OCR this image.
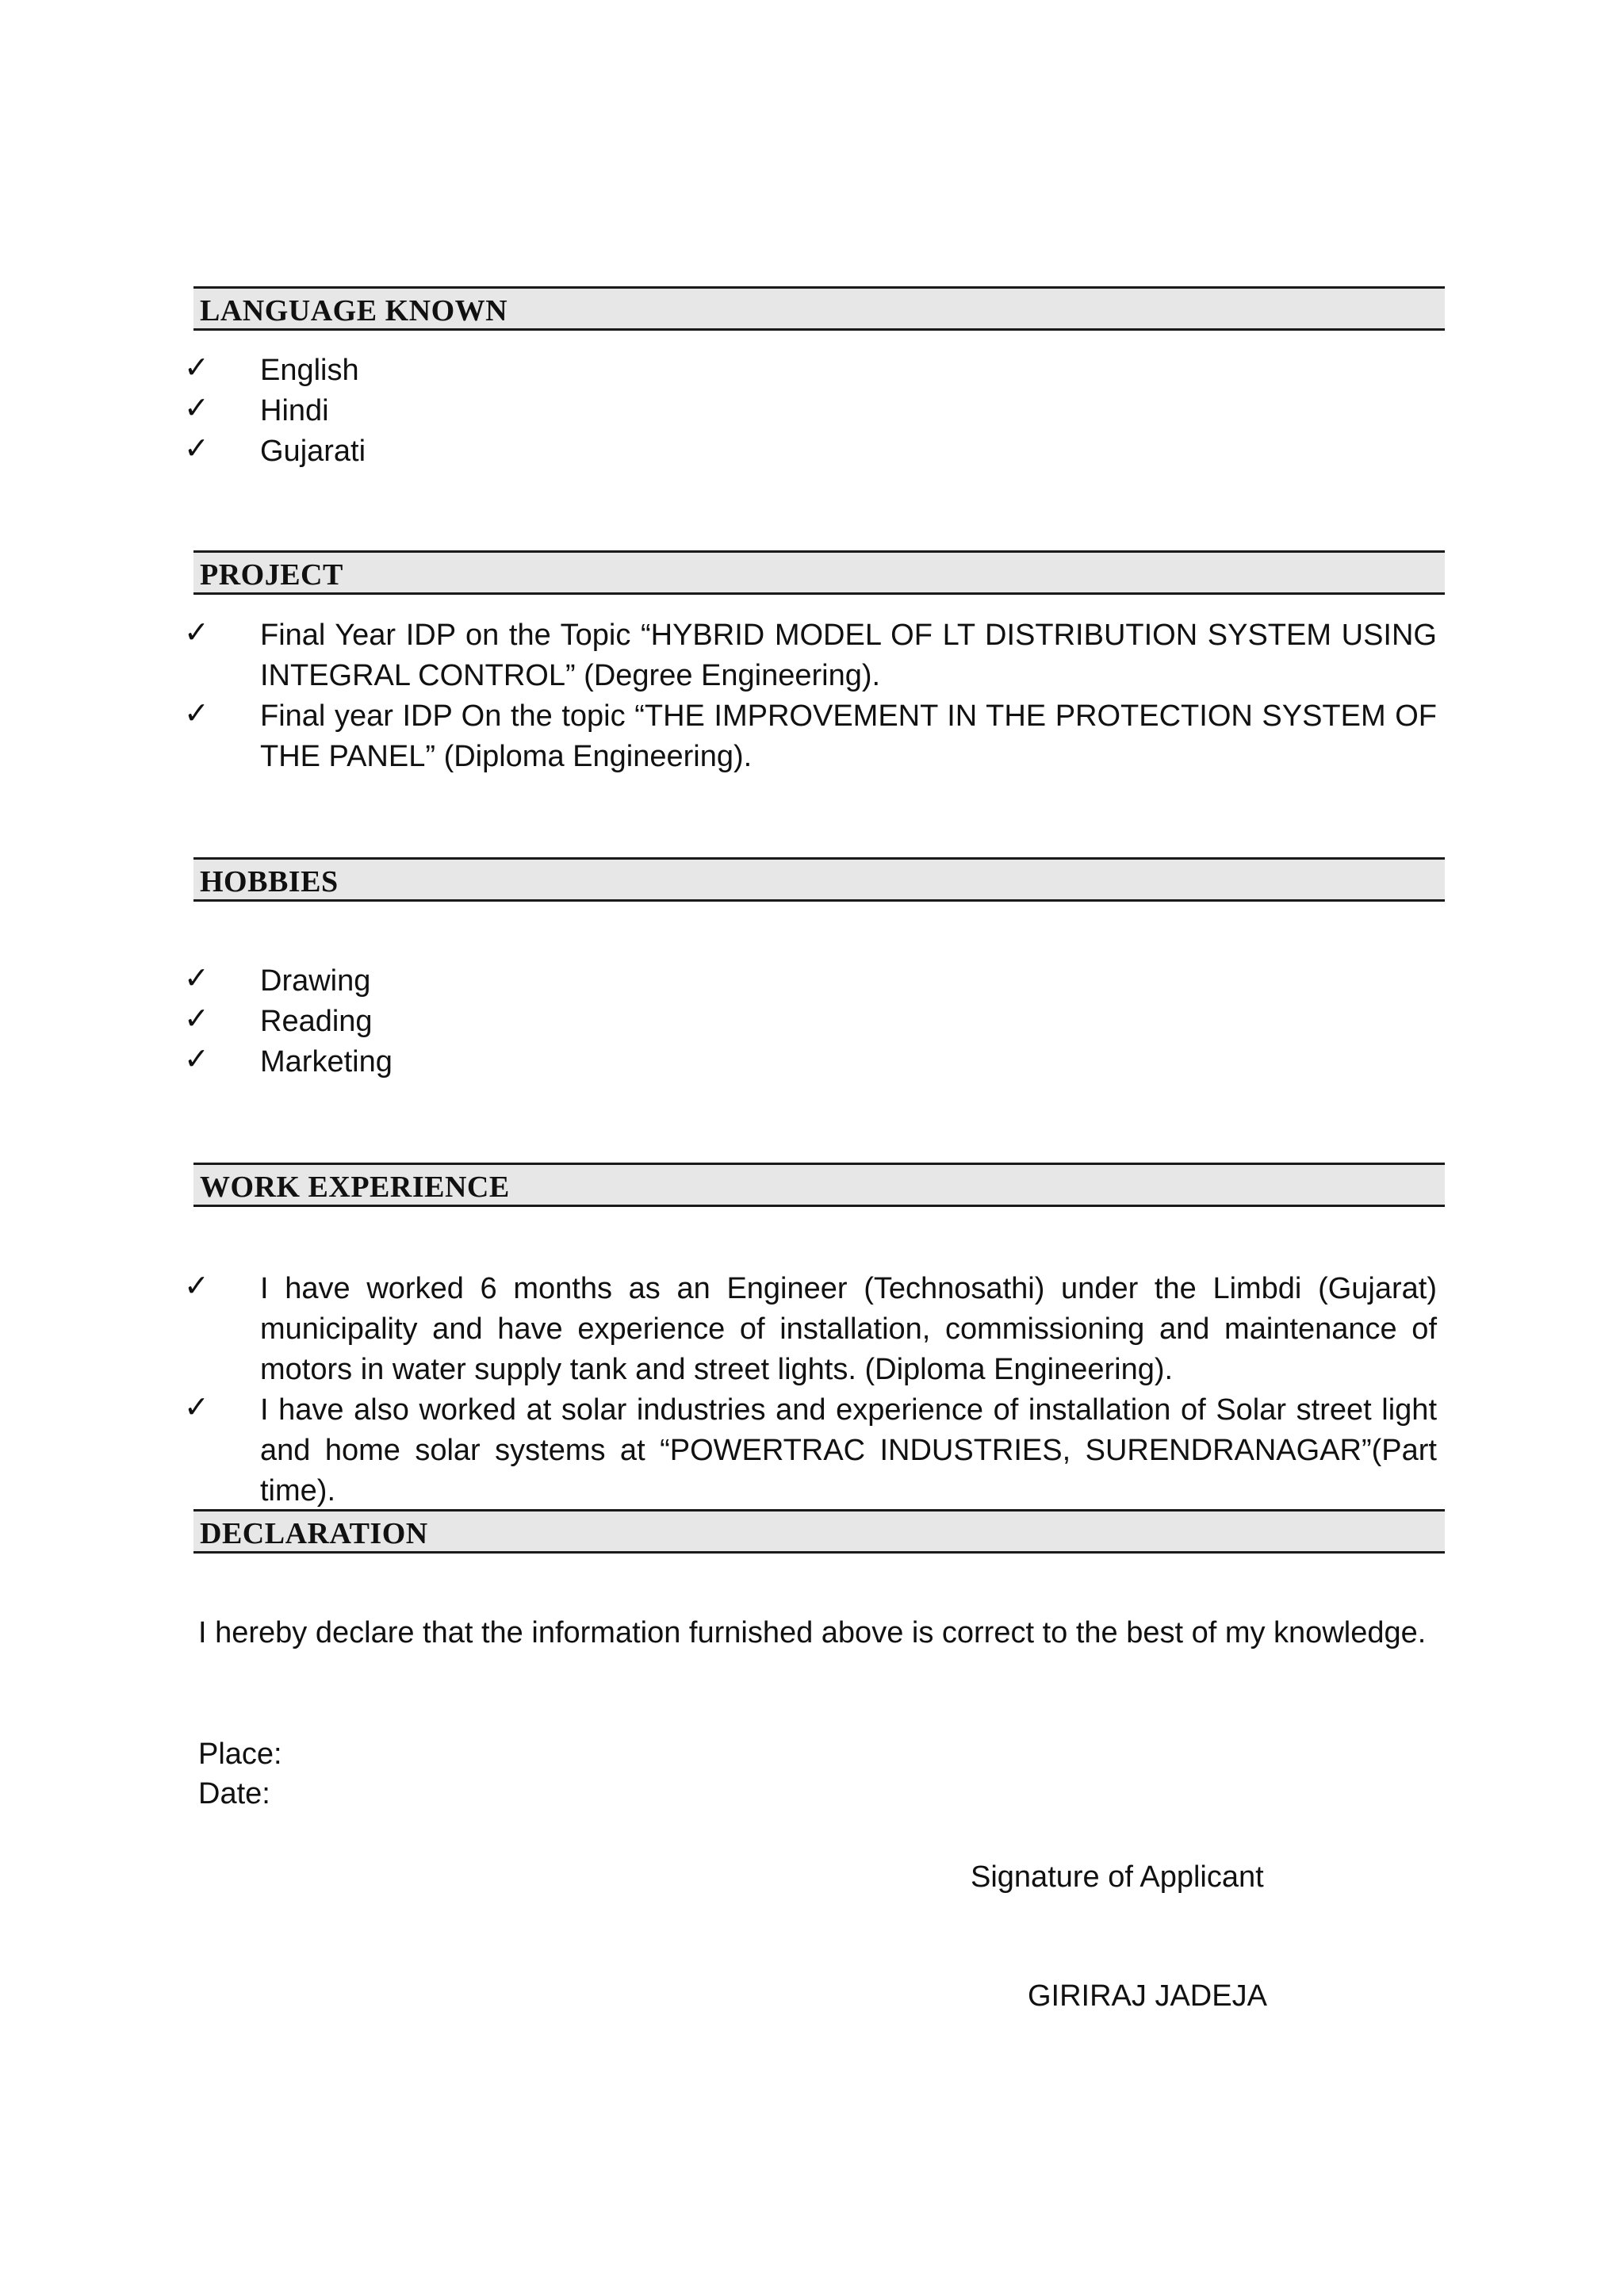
LANGUAGE KNOWN
✓ English
✓ Hindi
✓ Gujarati
PROJECT
✓ Final Year IDP on the Topic “HYBRID MODEL OF LT DISTRIBUTION SYSTEM USING INTEGRAL CONTROL” (Degree Engineering).
✓ Final year IDP On the topic “THE IMPROVEMENT IN THE PROTECTION SYSTEM OF THE PANEL” (Diploma Engineering).
HOBBIES
✓ Drawing
✓ Reading
✓ Marketing
WORK EXPERIENCE
✓ I have worked 6 months as an Engineer (Technosathi) under the Limbdi (Gujarat) municipality and have experience of installation, commissioning and maintenance of motors in water supply tank and street lights. (Diploma Engineering).
✓ I have also worked at solar industries and experience of installation of Solar street light and home solar systems at “POWERTRAC INDUSTRIES, SURENDRANAGAR”(Part time).
DECLARATION

I hereby declare that the information furnished above is correct to the best of my knowledge.

Place:
Date:
Signature of Applicant
GIRIRAJ JADEJA
